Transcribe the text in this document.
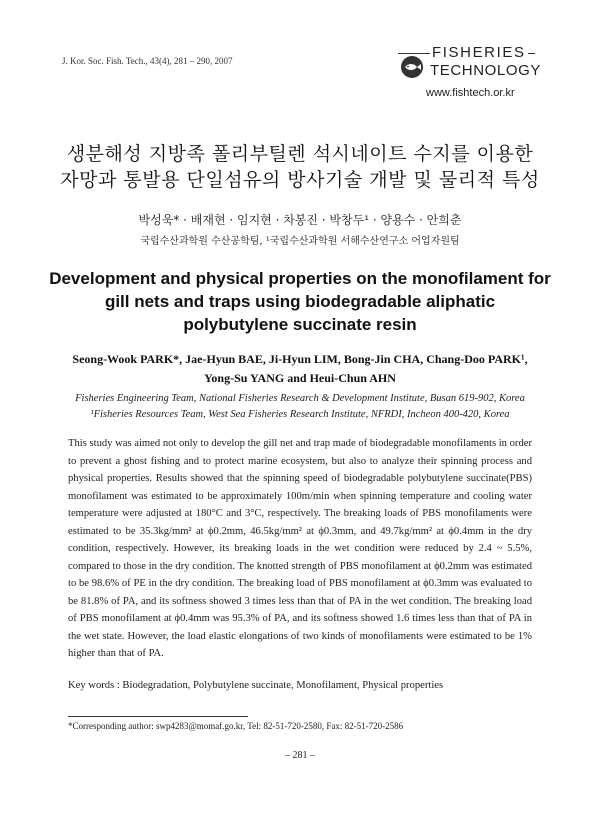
J. Kor. Soc. Fish. Tech., 43(4), 281 – 290, 2007	FISHERIES
TECHNOLOGY
www.fishtech.or.kr
생분해성 지방족 폴리부틸렌 석시네이트 수지를 이용한
자망과 통발용 단일섬유의 방사기술 개발 및 물리적 특성
박성욱* · 배재현 · 임지현 · 차봉진 · 박창두¹ · 양용수 · 안희춘
국립수산과학원 수산공학팀, ¹국립수산과학원 서해수산연구소 어업자원팀
Development and physical properties on the monofilament for
gill nets and traps using biodegradable aliphatic
polybutylene succinate resin
Seong-Wook PARK*, Jae-Hyun BAE, Ji-Hyun LIM, Bong-Jin CHA, Chang-Doo PARK¹,
Yong-Su YANG and Heui-Chun AHN
Fisheries Engineering Team, National Fisheries Research & Development Institute, Busan 619-902, Korea
¹Fisheries Resources Team, West Sea Fisheries Research Institute, NFRDI, Incheon 400-420, Korea

This study was aimed not only to develop the gill net and trap made of biodegradable monofilaments in order to prevent a ghost fishing and to protect marine ecosystem, but also to analyze their spinning process and physical properties. Results showed that the spinning speed of biodegradable polybutylene succinate(PBS) monofilament was estimated to be approximately 100m/min when spinning temperature and cooling water temperature were adjusted at 180°C and 3°C, respectively. The breaking loads of PBS monofilaments were estimated to be 35.3kg/mm² at ϕ0.2mm, 46.5kg/mm² at ϕ0.3mm, and 49.7kg/mm² at ϕ0.4mm in the dry condition, respectively. However, its breaking loads in the wet condition were reduced by 2.4 ~ 5.5%, compared to those in the dry condition. The knotted strength of PBS monofilament at ϕ0.2mm was estimated to be 98.6% of PE in the dry condition. The breaking load of PBS monofilament at ϕ0.3mm was evaluated to be 81.8% of PA, and its softness showed 3 times less than that of PA in the wet condition. The breaking load of PBS monofilament at ϕ0.4mm was 95.3% of PA, and its softness showed 1.6 times less than that of PA in the wet state. However, the load elastic elongations of two kinds of monofilaments were estimated to be 1% higher than that of PA.

Key words : Biodegradation, Polybutylene succinate, Monofilament, Physical properties
*Corresponding author: swp4283@momaf.go.kr, Tel: 82-51-720-2580, Fax: 82-51-720-2586
– 281 –
